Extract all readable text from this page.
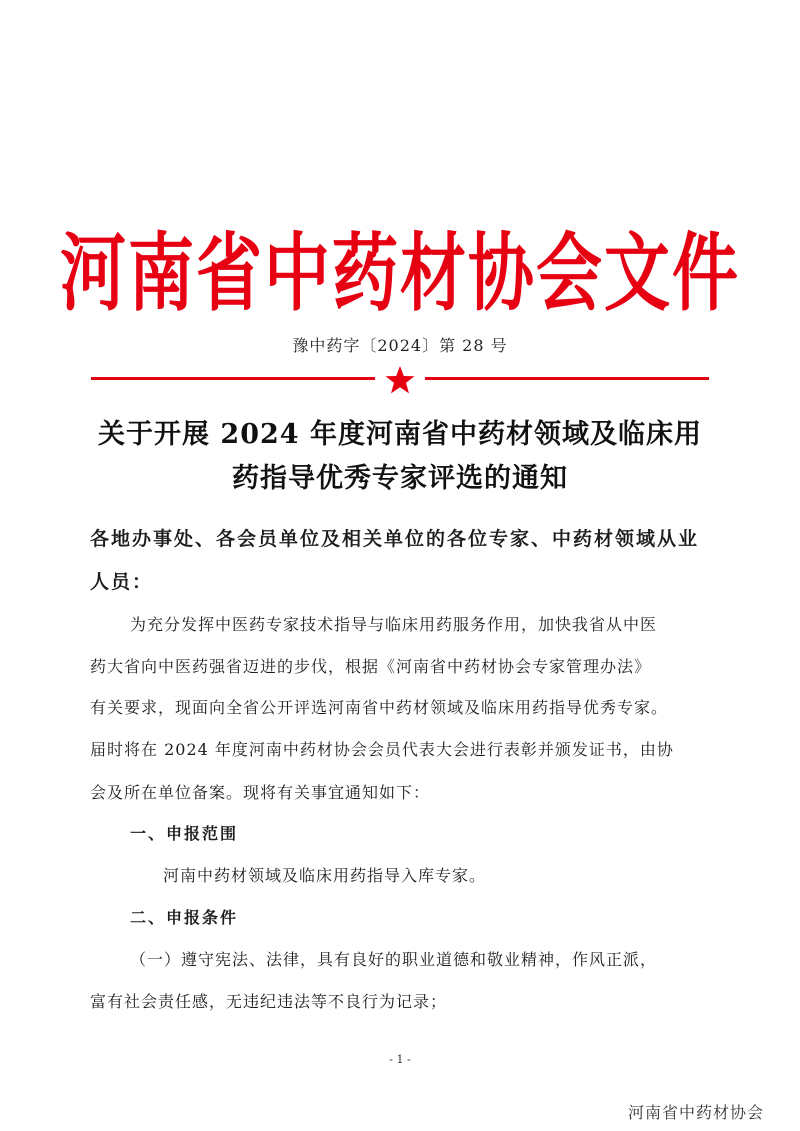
河南省中药材协会文件
豫中药字〔2024〕第 28 号
关于开展 2024 年度河南省中药材领域及临床用
药指导优秀专家评选的通知
各地办事处、各会员单位及相关单位的各位专家、中药材领域从业
人员：
为充分发挥中医药专家技术指导与临床用药服务作用，加快我省从中医
药大省向中医药强省迈进的步伐，根据《河南省中药材协会专家管理办法》
有关要求，现面向全省公开评选河南省中药材领域及临床用药指导优秀专家。
届时将在 2024 年度河南中药材协会会员代表大会进行表彰并颁发证书，由协
会及所在单位备案。现将有关事宜通知如下：
一、申报范围
河南中药材领域及临床用药指导入库专家。
二、申报条件
（一）遵守宪法、法律，具有良好的职业道德和敬业精神，作风正派，
富有社会责任感，无违纪违法等不良行为记录；
- 1 -
河南省中药材协会
